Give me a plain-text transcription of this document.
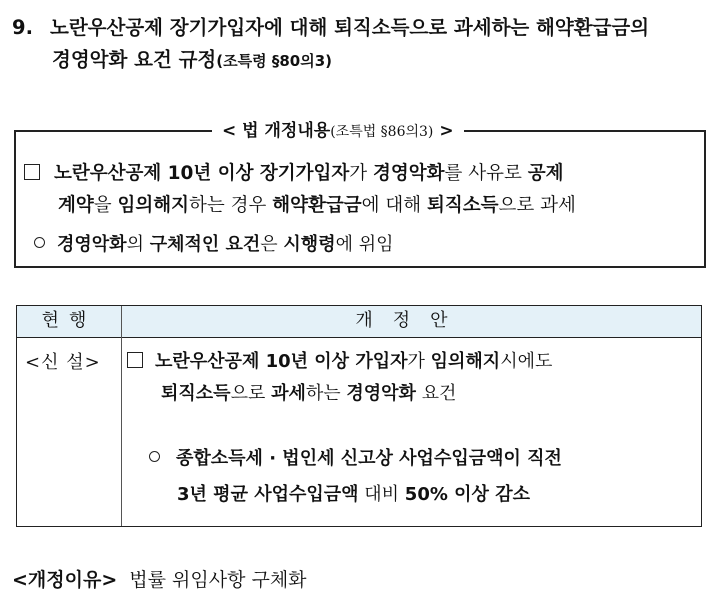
9. 노란우산공제 장기가입자에 대해 퇴직소득으로 과세하는 해약환급금의
경영악화 요건 규정(조특령 §80의3)
< 법 개정내용(조특법 §86의3) >
노란우산공제 10년 이상 장기가입자가 경영악화를 사유로 공제
계약을 임의해지하는 경우 해약환급금에 대해 퇴직소득으로 과세
경영악화의 구체적인 요건은 시행령에 위임
현행	개정안
<신 설>	노란우산공제 10년 이상 가입자가 임의해지시에도
퇴직소득으로 과세하는 경영악화 요건
종합소득세 · 법인세 신고상 사업수입금액이 직전
3년 평균 사업수입금액 대비 50% 이상 감소
<개정이유> 법률 위임사항 구체화
